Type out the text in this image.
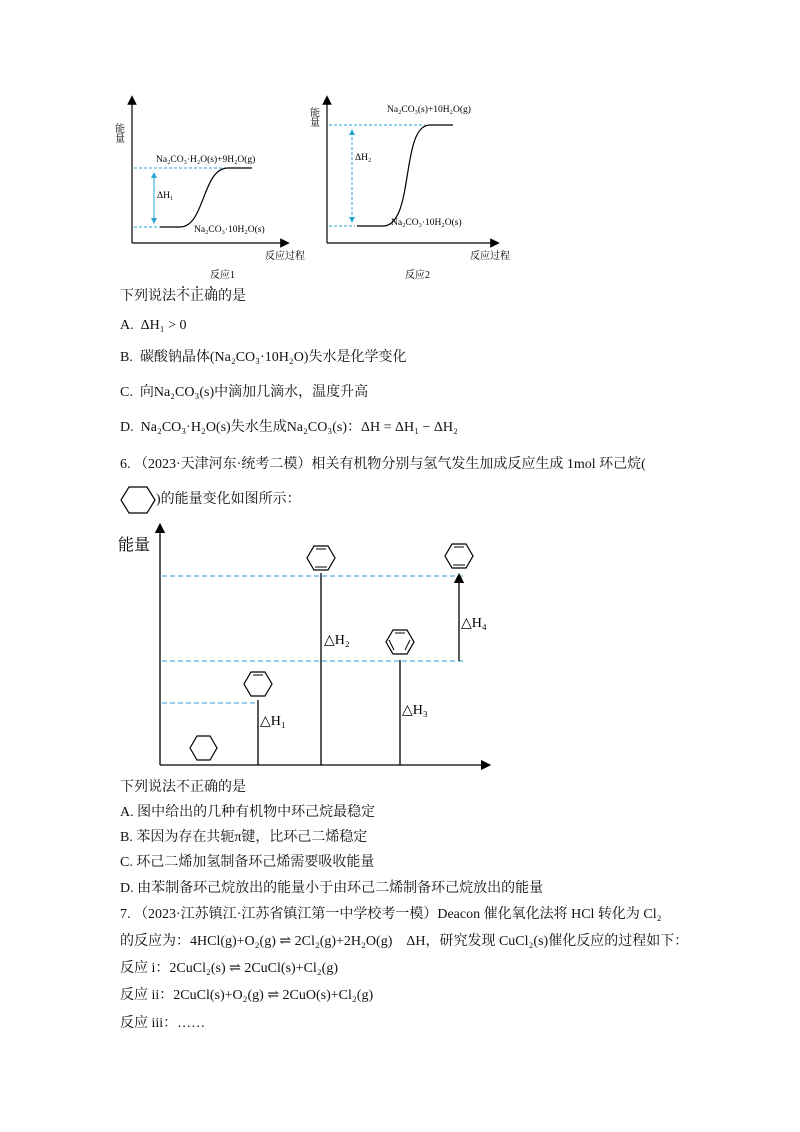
能量
反应过程
反应1
Na₂CO₃·H₂O(s)+9H₂O(g)
ΔH₁
Na₂CO₃·10H₂O(s)
能量
反应过程
反应2
Na₂CO₃(s)+10H₂O(g)
ΔH₂
Na₂CO₃·10H₂O(s)
下列说法不正确的是
A. ΔH₁ > 0
B. 碳酸钠晶体(Na₂CO₃·10H₂O)失水是化学变化
C. 向Na₂CO₃(s)中滴加几滴水，温度升高
D. Na₂CO₃·H₂O(s)失水生成Na₂CO₃(s)：ΔH = ΔH₁ − ΔH₂
6. （2023·天津河东·统考二模）相关有机物分别与氢气发生加成反应生成 1mol 环己烷(
)的能量变化如图所示：
能量
△H₁
△H₂
△H₃
△H₄
下列说法不正确的是
A. 图中给出的几种有机物中环己烷最稳定
B. 苯因为存在共轭π键，比环己二烯稳定
C. 环己二烯加氢制备环己烯需要吸收能量
D. 由苯制备环己烷放出的能量小于由环己二烯制备环己烷放出的能量
7. （2023·江苏镇江·江苏省镇江第一中学校考一模）Deacon 催化氧化法将 HCl 转化为 Cl₂
的反应为：4HCl(g)+O₂(g) ⇌ 2Cl₂(g)+2H₂O(g)　ΔH，研究发现 CuCl₂(s)催化反应的过程如下：
反应 i：2CuCl₂(s) ⇌ 2CuCl(s)+Cl₂(g)
反应 ii：2CuCl(s)+O₂(g) ⇌ 2CuO(s)+Cl₂(g)
反应 iii：……
